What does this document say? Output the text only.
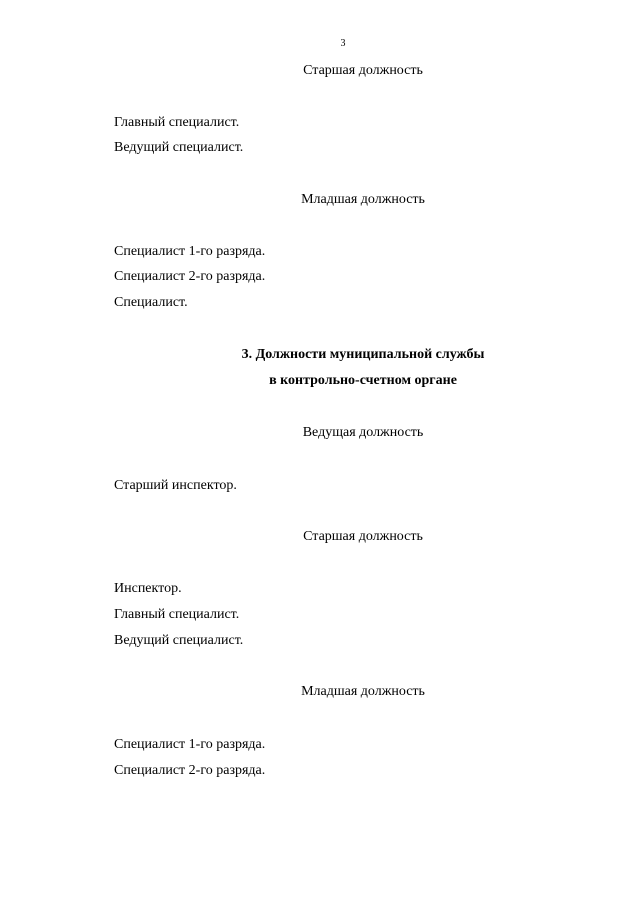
3
Старшая должность
Главный специалист.
Ведущий специалист.
Младшая должность
Специалист 1-го разряда.
Специалист 2-го разряда.
Специалист.
3. Должности муниципальной службы
в контрольно-счетном органе
Ведущая должность
Старший инспектор.
Старшая должность
Инспектор.
Главный специалист.
Ведущий специалист.
Младшая должность
Специалист 1-го разряда.
Специалист 2-го разряда.
